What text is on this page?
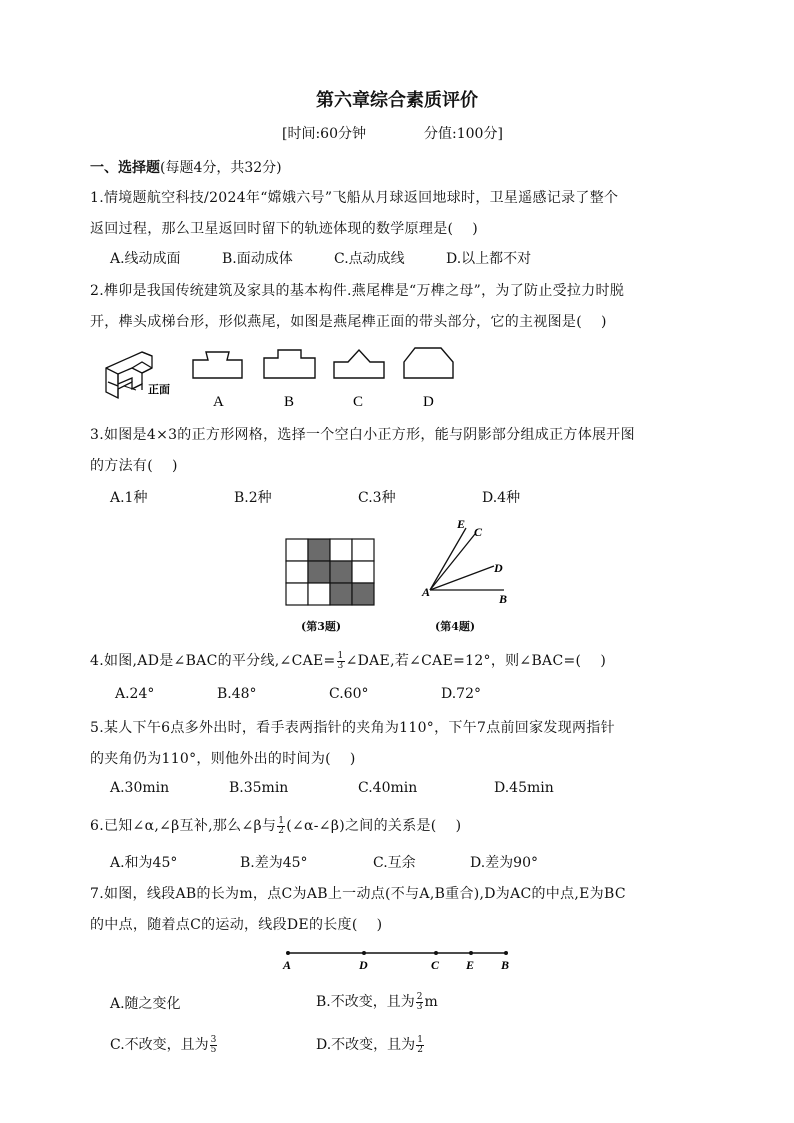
第六章综合素质评价
[时间:60分钟	分值:100分]
一、选择题(每题4分，共32分)
1.情境题航空科技/2024年“嫦娥六号”飞船从月球返回地球时，卫星遥感记录了整个
返回过程，那么卫星返回时留下的轨迹体现的数学原理是(　 )
A.线动成面	B.面动成体	C.点动成线	D.以上都不对
2.榫卯是我国传统建筑及家具的基本构件.燕尾榫是“万榫之母”，为了防止受拉力时脱
开，榫头成梯台形，形似燕尾，如图是燕尾榫正面的带头部分，它的主视图是(　 )
正面
A	B	C	D
3.如图是4×3的正方形网格，选择一个空白小正方形，能与阴影部分组成正方体展开图
的方法有(　 )
A.1种	B.2种	C.3种	D.4种
(第3题)
A	B
C
D
E
(第4题)
4.如图,AD是∠BAC的平分线,∠CAE= $\frac{1}{3}$ ∠DAE,若∠CAE=12°，则∠BAC=(　 )
A.24°	B.48°	C.60°	D.72°
5.某人下午6点多外出时，看手表两指针的夹角为110°，下午7点前回家发现两指针
的夹角仍为110°，则他外出的时间为(　 )
A.30min	B.35min	C.40min	D.45min
6.已知∠α,∠β互补,那么∠β与 $\frac{1}{2}$ (∠α-∠β)之间的关系是(　 )
A.和为45°	B.差为45°	C.互余	D.差为90°
7.如图，线段AB的长为m，点C为AB上一动点(不与A,B重合),D为AC的中点,E为BC
的中点，随着点C的运动，线段DE的长度(　 )
A	D	C E B
A.随之变化	B.不改变，且为 $\frac{2}{3}$ m
C.不改变，且为 $\frac{3}{5}$	D.不改变，且为 $\frac{1}{2}$
